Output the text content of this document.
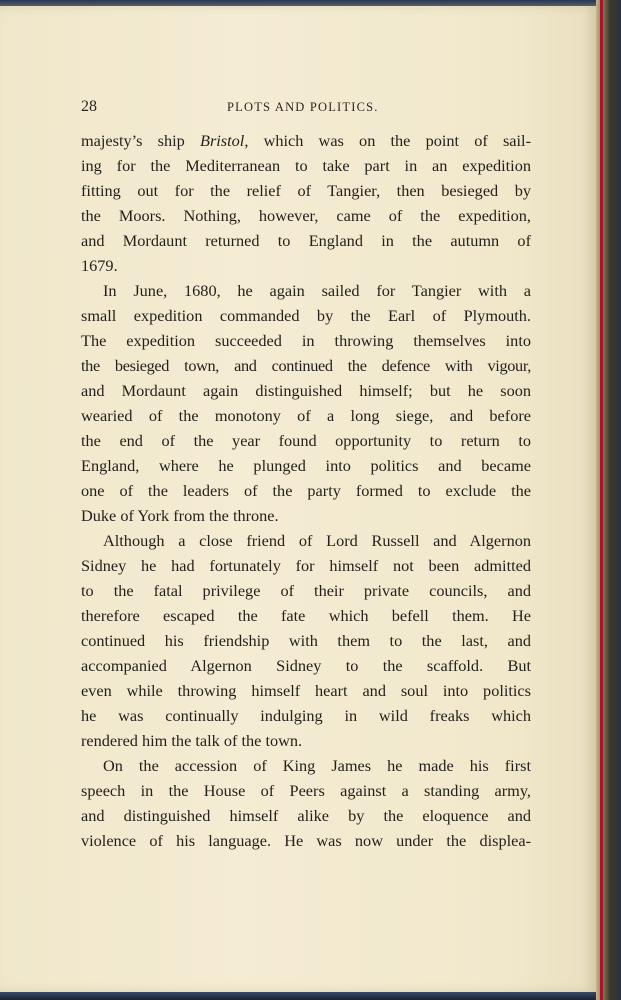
28	PLOTS AND POLITICS.
majesty’s ship Bristol, which was on the point of sail-
ing for the Mediterranean to take part in an expedition
fitting out for the relief of Tangier, then besieged by
the Moors. Nothing, however, came of the expedition,
and Mordaunt returned to England in the autumn of
1679.
In June, 1680, he again sailed for Tangier with a
small expedition commanded by the Earl of Plymouth.
The expedition succeeded in throwing themselves into
the besieged town, and continued the defence with vigour,
and Mordaunt again distinguished himself; but he soon
wearied of the monotony of a long siege, and before
the end of the year found opportunity to return to
England, where he plunged into politics and became
one of the leaders of the party formed to exclude the
Duke of York from the throne.
Although a close friend of Lord Russell and Algernon
Sidney he had fortunately for himself not been admitted
to the fatal privilege of their private councils, and
therefore escaped the fate which befell them. He
continued his friendship with them to the last, and
accompanied Algernon Sidney to the scaffold. But
even while throwing himself heart and soul into politics
he was continually indulging in wild freaks which
rendered him the talk of the town.
On the accession of King James he made his first
speech in the House of Peers against a standing army,
and distinguished himself alike by the eloquence and
violence of his language. He was now under the displea-
